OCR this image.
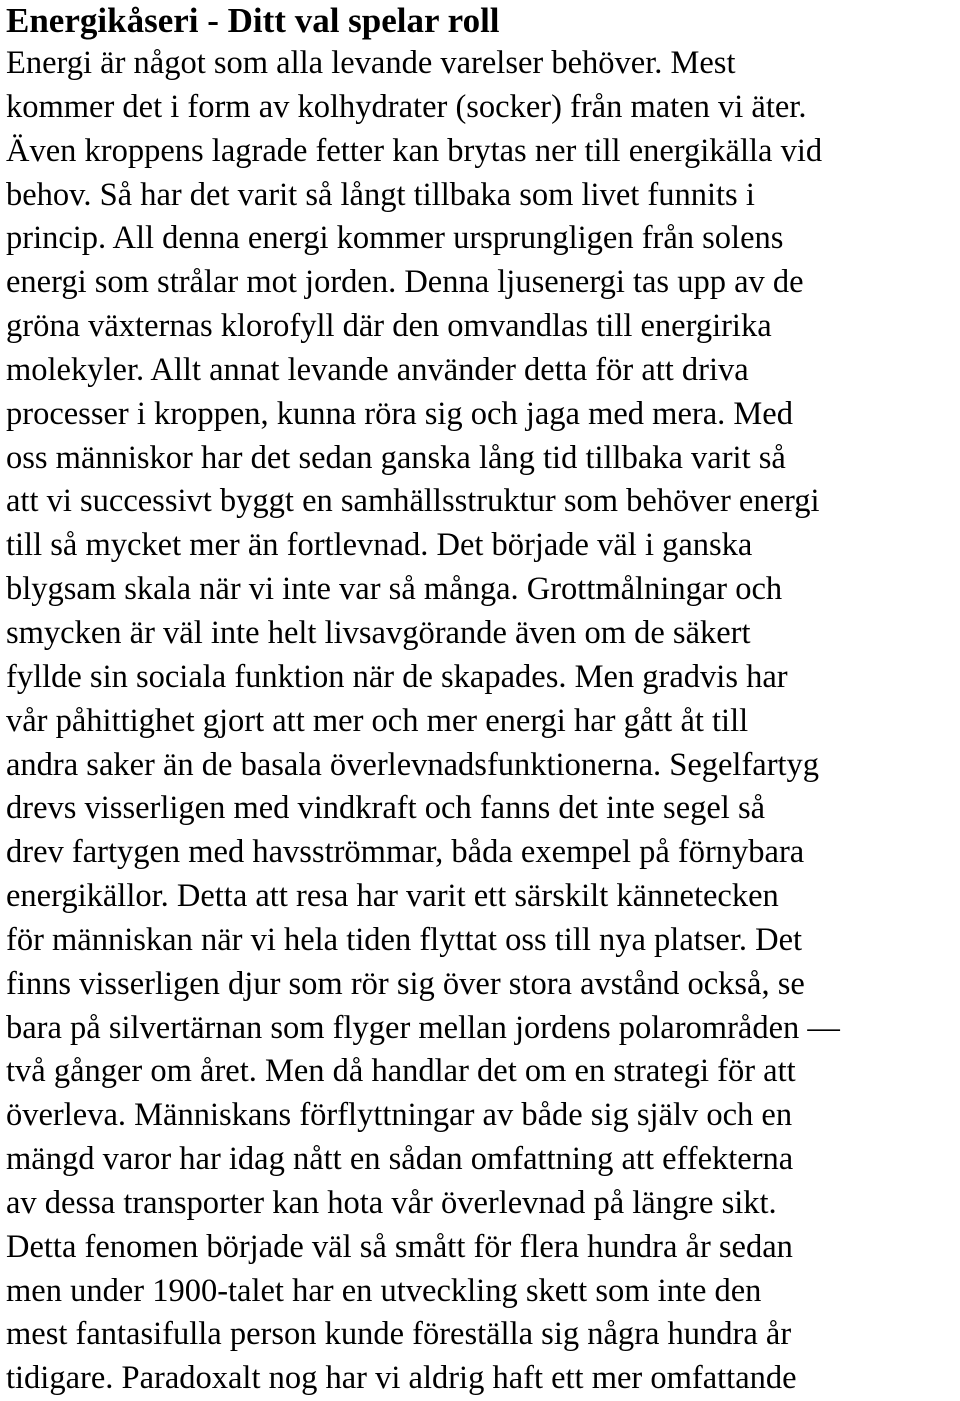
Energikåseri - Ditt val spelar roll
Energi är något som alla levande varelser behöver. Mest
kommer det i form av kolhydrater (socker) från maten vi äter.
Även kroppens lagrade fetter kan brytas ner till energikälla vid
behov. Så har det varit så långt tillbaka som livet funnits i
princip. All denna energi kommer ursprungligen från solens
energi som strålar mot jorden. Denna ljusenergi tas upp av de
gröna växternas klorofyll där den omvandlas till energirika
molekyler. Allt annat levande använder detta för att driva
processer i kroppen, kunna röra sig och jaga med mera. Med
oss människor har det sedan ganska lång tid tillbaka varit så
att vi successivt byggt en samhällsstruktur som behöver energi
till så mycket mer än fortlevnad. Det började väl i ganska
blygsam skala när vi inte var så många. Grottmålningar och
smycken är väl inte helt livsavgörande även om de säkert
fyllde sin sociala funktion när de skapades. Men gradvis har
vår påhittighet gjort att mer och mer energi har gått åt till
andra saker än de basala överlevnadsfunktionerna. Segelfartyg
drevs visserligen med vindkraft och fanns det inte segel så
drev fartygen med havsströmmar, båda exempel på förnybara
energikällor. Detta att resa har varit ett särskilt kännetecken
för människan när vi hela tiden flyttat oss till nya platser. Det
finns visserligen djur som rör sig över stora avstånd också, se
bara på silvertärnan som flyger mellan jordens polarområden —
två gånger om året. Men då handlar det om en strategi för att
överleva. Människans förflyttningar av både sig själv och en
mängd varor har idag nått en sådan omfattning att effekterna
av dessa transporter kan hota vår överlevnad på längre sikt.
Detta fenomen började väl så smått för flera hundra år sedan
men under 1900-talet har en utveckling skett som inte den
mest fantasifulla person kunde föreställa sig några hundra år
tidigare. Paradoxalt nog har vi aldrig haft ett mer omfattande
